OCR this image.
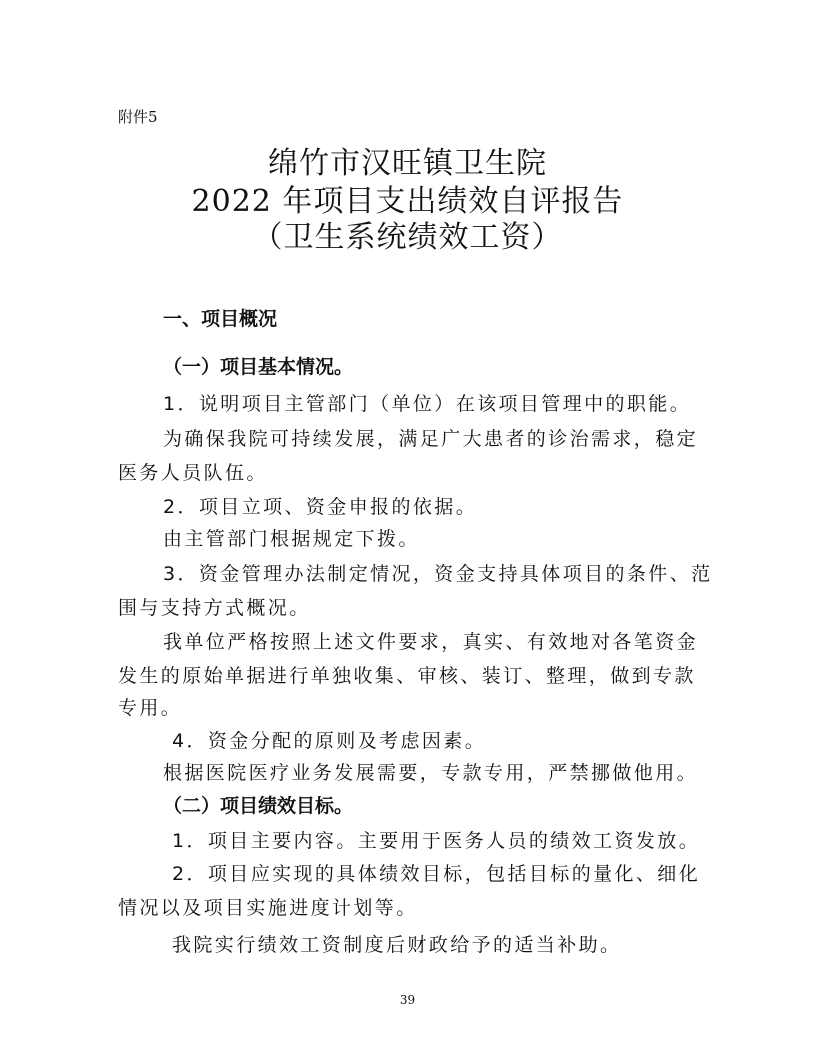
附件5
绵竹市汉旺镇卫生院
2022 年项目支出绩效自评报告
（卫生系统绩效工资）
一、项目概况
（一）项目基本情况。
1．说明项目主管部门（单位）在该项目管理中的职能。
为确保我院可持续发展，满足广大患者的诊治需求，稳定
医务人员队伍。
2．项目立项、资金申报的依据。
由主管部门根据规定下拨。
3．资金管理办法制定情况，资金支持具体项目的条件、范
围与支持方式概况。
我单位严格按照上述文件要求，真实、有效地对各笔资金
发生的原始单据进行单独收集、审核、装订、整理，做到专款
专用。
4．资金分配的原则及考虑因素。
根据医院医疗业务发展需要，专款专用，严禁挪做他用。
（二）项目绩效目标。
1．项目主要内容。主要用于医务人员的绩效工资发放。
2．项目应实现的具体绩效目标，包括目标的量化、细化
情况以及项目实施进度计划等。
我院实行绩效工资制度后财政给予的适当补助。
39
